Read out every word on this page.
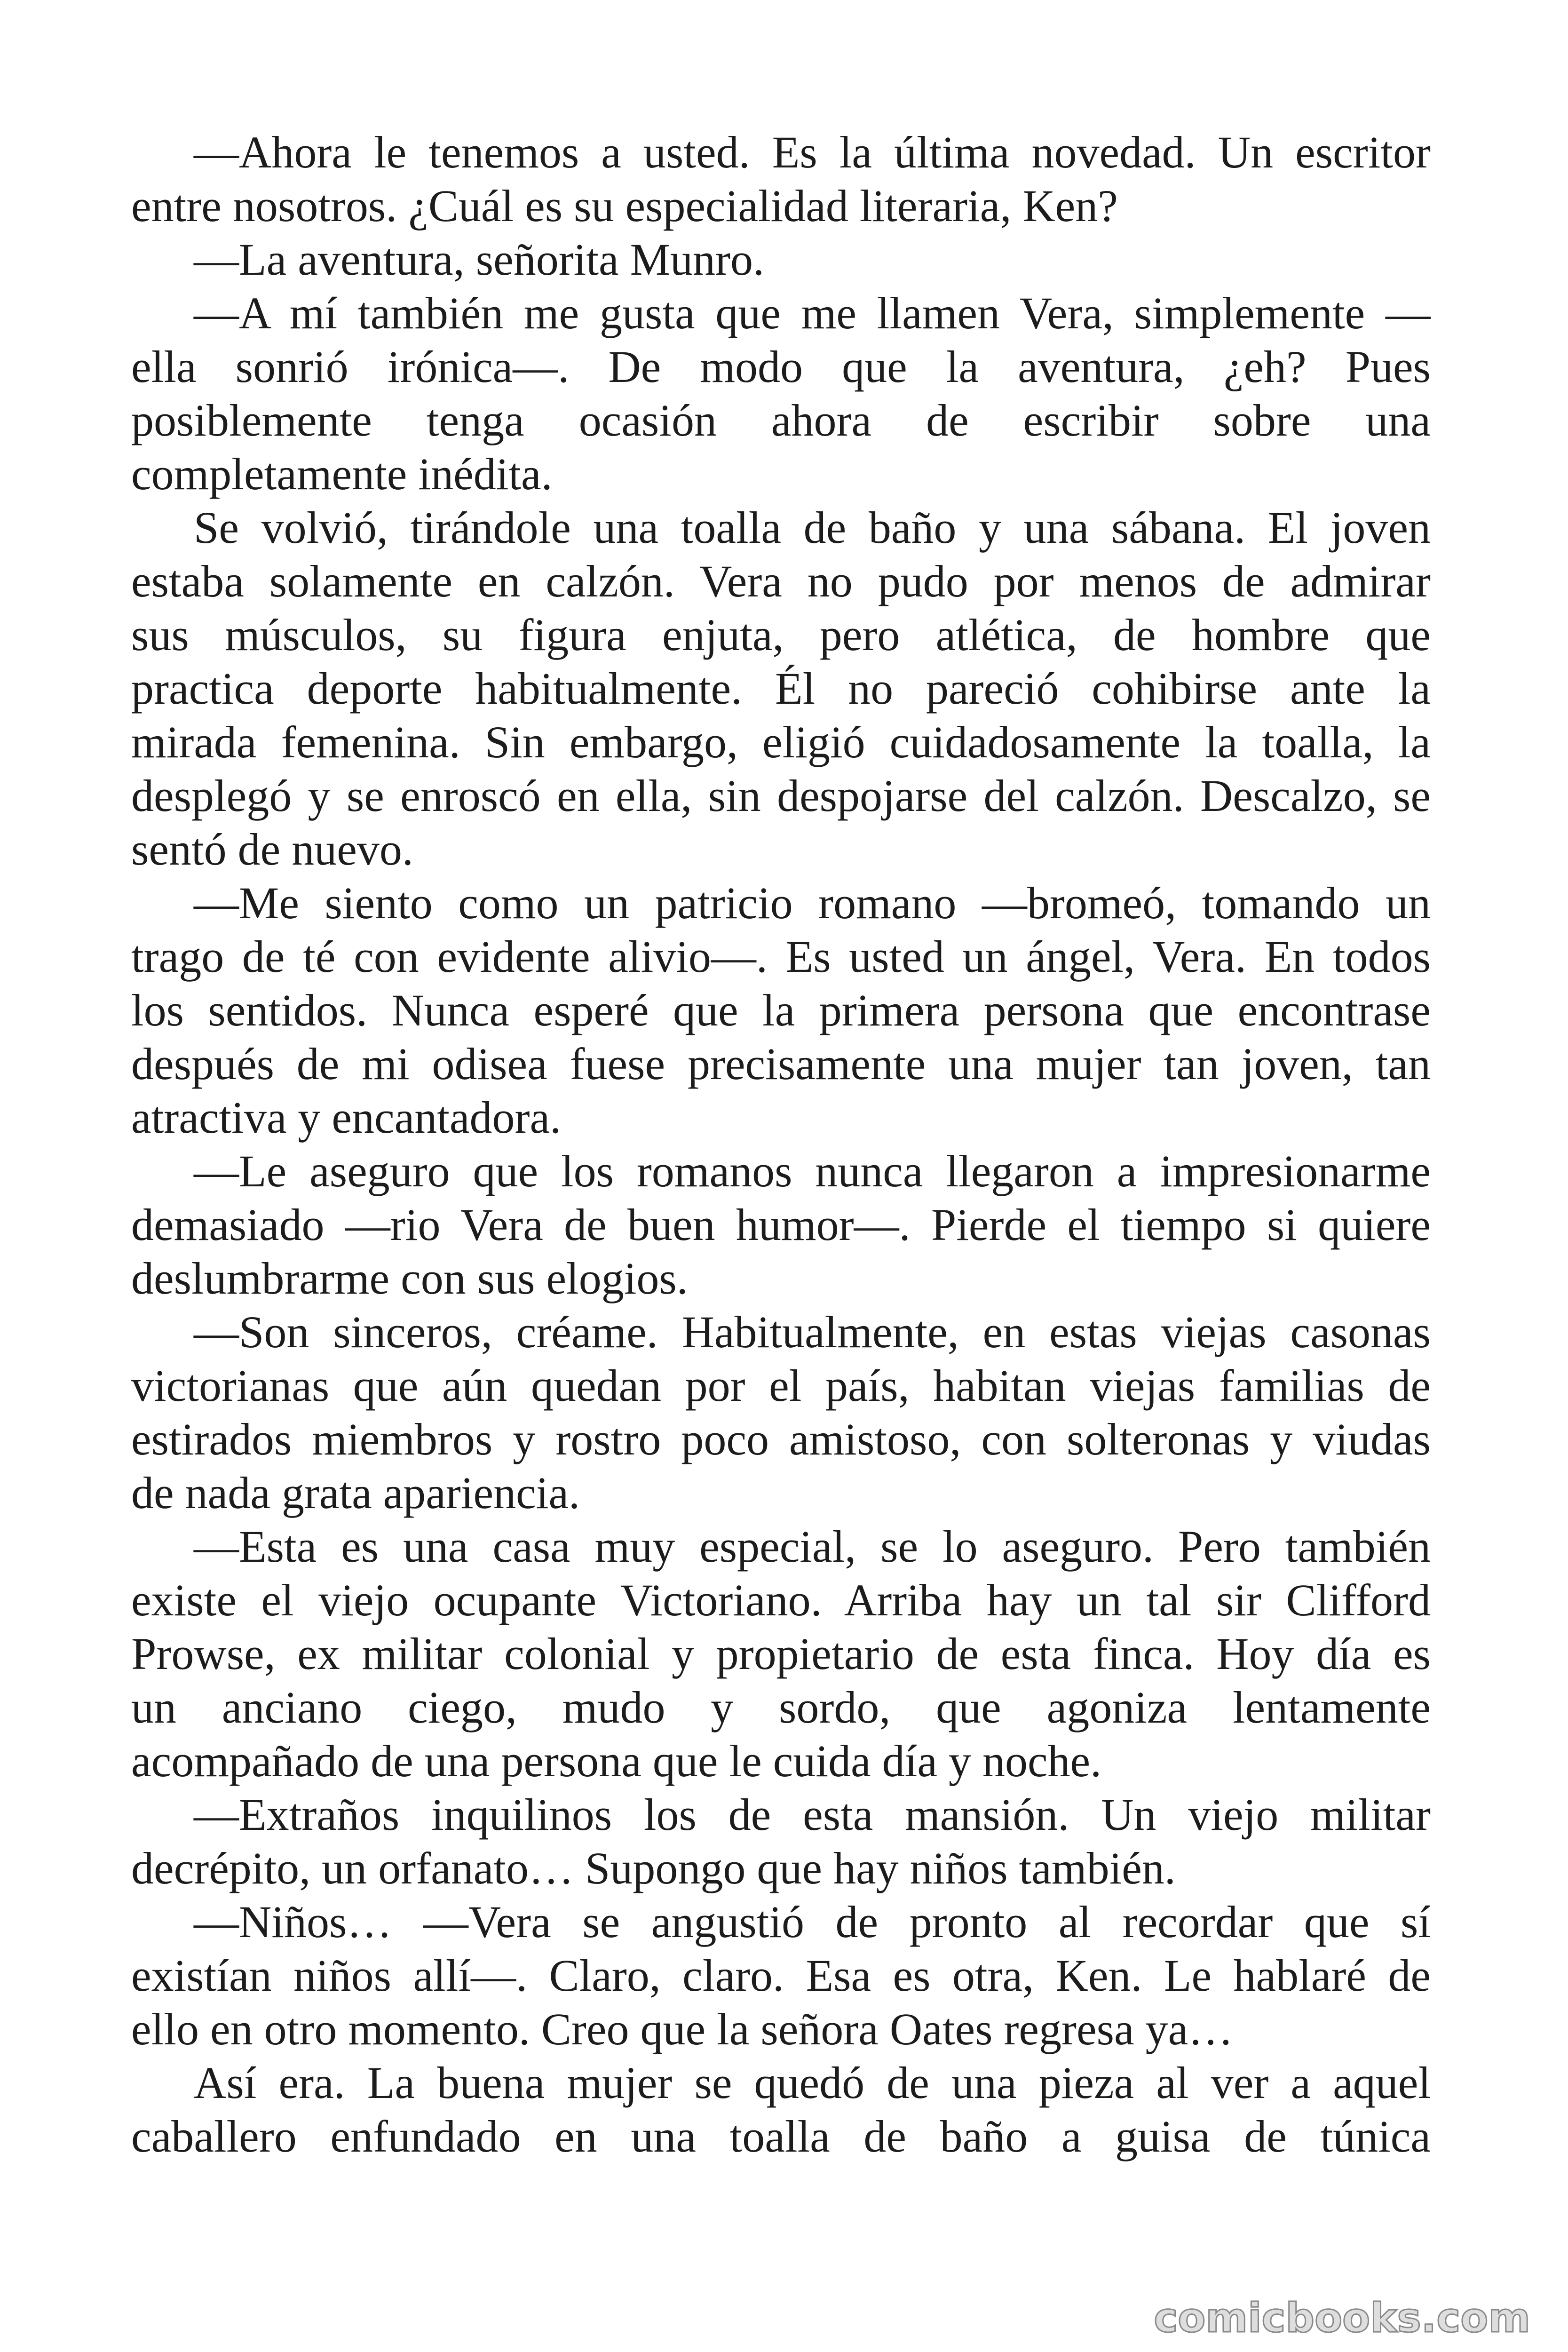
—Ahora le tenemos a usted. Es la última novedad. Un escritor
entre nosotros. ¿Cuál es su especialidad literaria, Ken?
—La aventura, señorita Munro.
—A mí también me gusta que me llamen Vera, simplemente —
ella sonrió irónica—. De modo que la aventura, ¿eh? Pues
posiblemente tenga ocasión ahora de escribir sobre una
completamente inédita.
Se volvió, tirándole una toalla de baño y una sábana. El joven
estaba solamente en calzón. Vera no pudo por menos de admirar
sus músculos, su figura enjuta, pero atlética, de hombre que
practica deporte habitualmente. Él no pareció cohibirse ante la
mirada femenina. Sin embargo, eligió cuidadosamente la toalla, la
desplegó y se enroscó en ella, sin despojarse del calzón. Descalzo, se
sentó de nuevo.
—Me siento como un patricio romano —bromeó, tomando un
trago de té con evidente alivio—. Es usted un ángel, Vera. En todos
los sentidos. Nunca esperé que la primera persona que encontrase
después de mi odisea fuese precisamente una mujer tan joven, tan
atractiva y encantadora.
—Le aseguro que los romanos nunca llegaron a impresionarme
demasiado —rio Vera de buen humor—. Pierde el tiempo si quiere
deslumbrarme con sus elogios.
—Son sinceros, créame. Habitualmente, en estas viejas casonas
victorianas que aún quedan por el país, habitan viejas familias de
estirados miembros y rostro poco amistoso, con solteronas y viudas
de nada grata apariencia.
—Esta es una casa muy especial, se lo aseguro. Pero también
existe el viejo ocupante Victoriano. Arriba hay un tal sir Clifford
Prowse, ex militar colonial y propietario de esta finca. Hoy día es
un anciano ciego, mudo y sordo, que agoniza lentamente
acompañado de una persona que le cuida día y noche.
—Extraños inquilinos los de esta mansión. Un viejo militar
decrépito, un orfanato… Supongo que hay niños también.
—Niños… —Vera se angustió de pronto al recordar que sí
existían niños allí—. Claro, claro. Esa es otra, Ken. Le hablaré de
ello en otro momento. Creo que la señora Oates regresa ya…
Así era. La buena mujer se quedó de una pieza al ver a aquel
caballero enfundado en una toalla de baño a guisa de túnica
comicbooks.com
